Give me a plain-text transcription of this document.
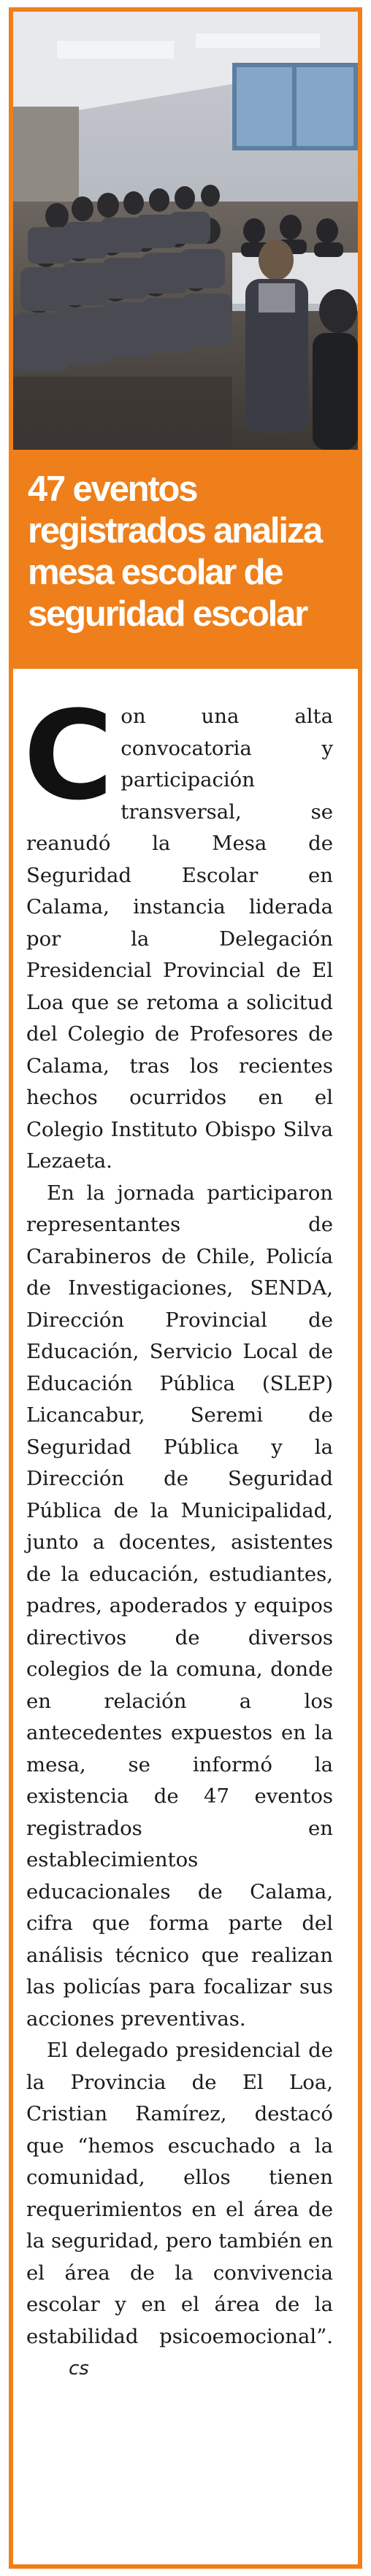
47 eventos registrados analiza mesa escolar de seguridad escolar

Con una alta convocatoria y participación transversal, se reanudó la Mesa de Seguridad Escolar en Calama, instancia liderada por la Delegación Presidencial Provincial de El Loa que se retoma a solicitud del Colegio de Profesores de Calama, tras los recientes hechos ocurridos en el Colegio Instituto Obispo Silva Lezaeta.

En la jornada participaron representantes de Carabineros de Chile, Policía de Investigaciones, SENDA, Dirección Provincial de Educación, Servicio Local de Educación Pública (SLEP) Licancabur, Seremi de Seguridad Pública y la Dirección de Seguridad Pública de la Municipalidad, junto a docentes, asistentes de la educación, estudiantes, padres, apoderados y equipos directivos de diversos colegios de la comuna, donde en relación a los antecedentes expuestos en la mesa, se informó la existencia de 47 eventos registrados en establecimientos educacionales de Calama, cifra que forma parte del análisis técnico que realizan las policías para focalizar sus acciones preventivas.

El delegado presidencial de la Provincia de El Loa, Cristian Ramírez, destacó que “hemos escuchado a la comunidad, ellos tienen requerimientos en el área de la seguridad, pero también en el área de la convivencia escolar y en el área de la estabilidad psicoemocional”.cs
